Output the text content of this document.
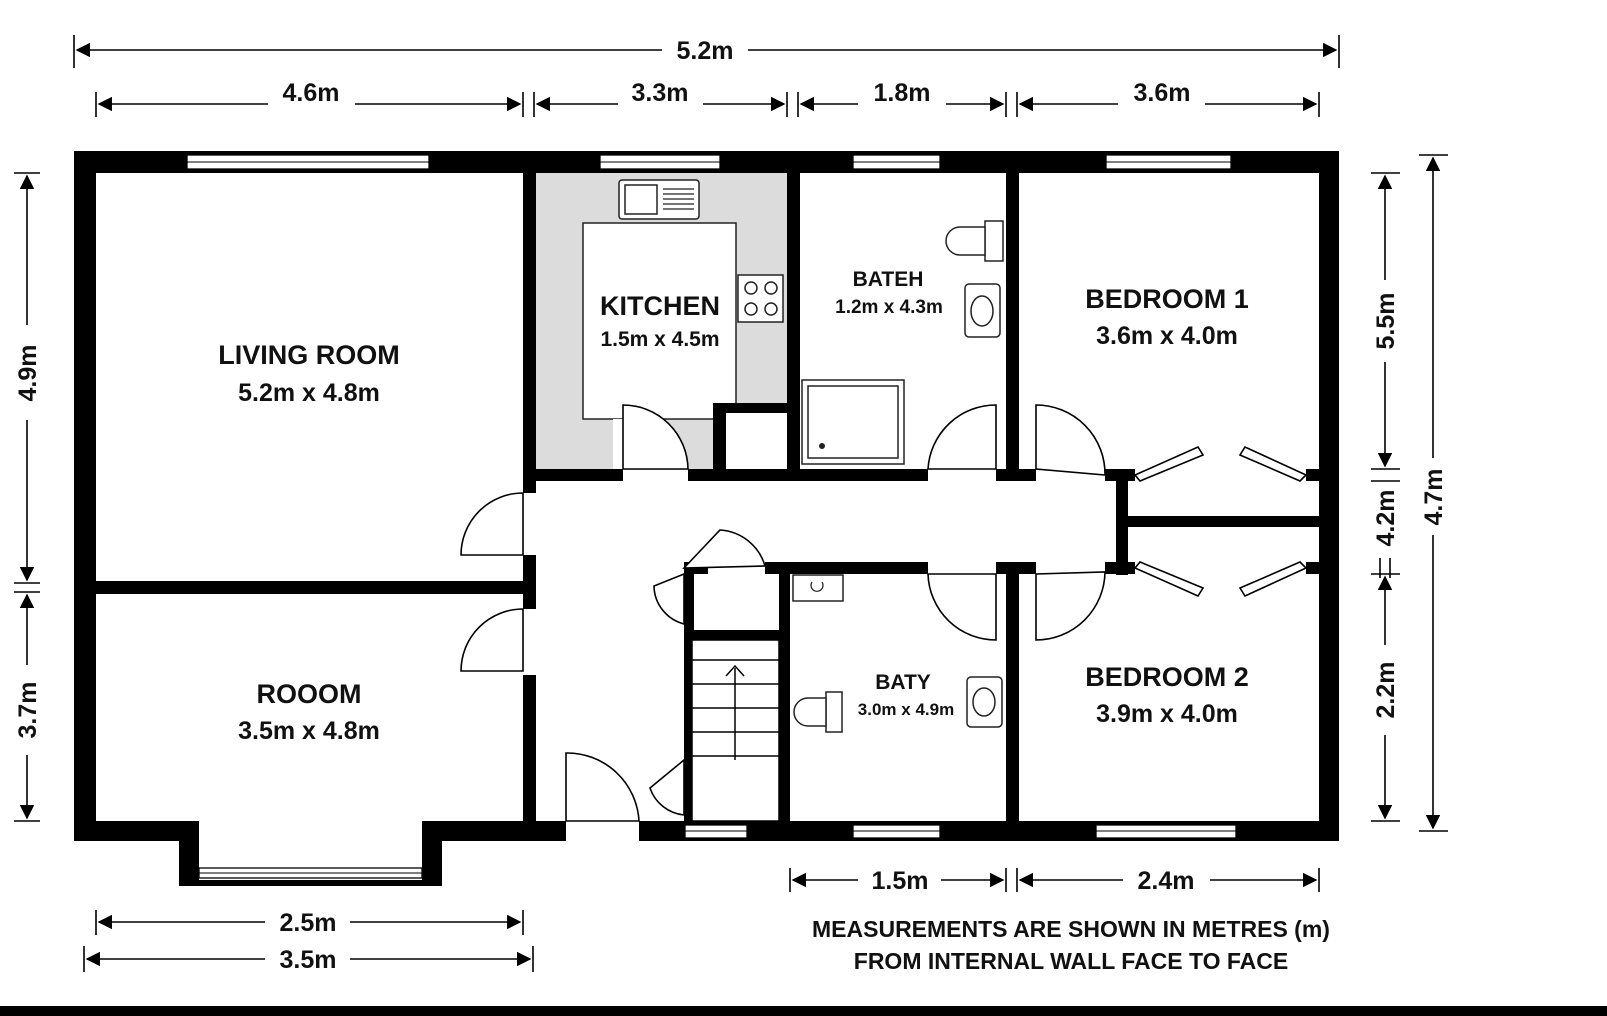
5.2m
4.6m	3.3m	1.8m	3.6m
4.9m
3.7m
5.5m
4.2m
2.2m
4.7m
2.5m
3.5m
1.5m	2.4m
LIVING ROOM
5.2m x 4.8m
ROOOM
3.5m x 4.8m
KITCHEN
1.5m x 4.5m
BATEH
1.2m x 4.3m
BATY
3.0m x 4.9m
BEDROOM 1
3.6m x 4.0m
BEDROOM 2
3.9m x 4.0m
MEASUREMENTS ARE SHOWN IN METRES (m)
FROM INTERNAL WALL FACE TO FACE
